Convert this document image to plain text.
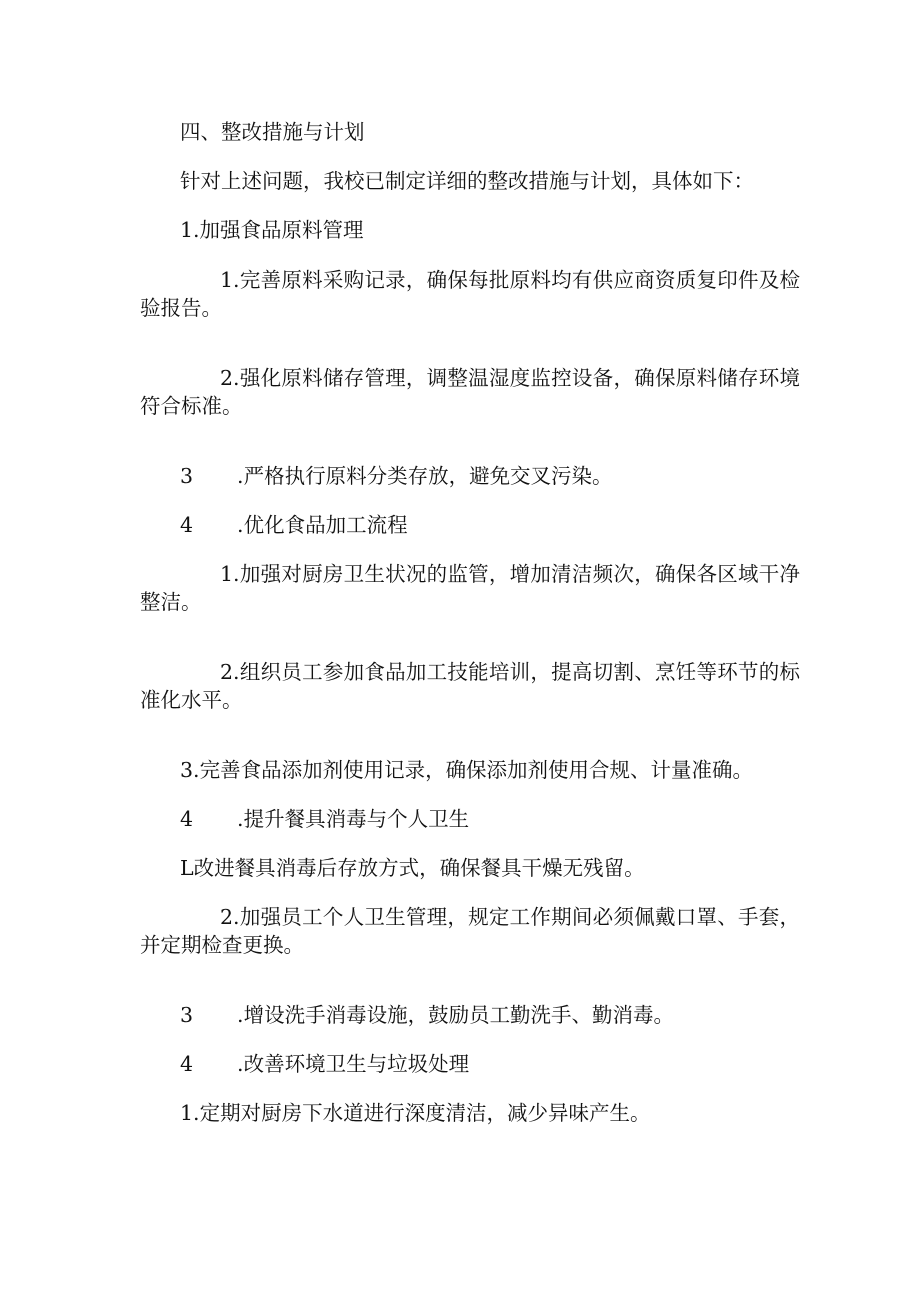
四、整改措施与计划
针对上述问题，我校已制定详细的整改措施与计划，具体如下：
1.加强食品原料管理
1.完善原料采购记录，确保每批原料均有供应商资质复印件及检验报告。
2.强化原料储存管理，调整温湿度监控设备，确保原料储存环境符合标准。
3 .严格执行原料分类存放，避免交叉污染。
4 .优化食品加工流程
1.加强对厨房卫生状况的监管，增加清洁频次，确保各区域干净整洁。
2.组织员工参加食品加工技能培训，提高切割、烹饪等环节的标准化水平。
3.完善食品添加剂使用记录，确保添加剂使用合规、计量准确。
4 .提升餐具消毒与个人卫生
L改进餐具消毒后存放方式，确保餐具干燥无残留。
2.加强员工个人卫生管理，规定工作期间必须佩戴口罩、手套，并定期检查更换。
3 .增设洗手消毒设施，鼓励员工勤洗手、勤消毒。
4 .改善环境卫生与垃圾处理
1.定期对厨房下水道进行深度清洁，减少异味产生。
